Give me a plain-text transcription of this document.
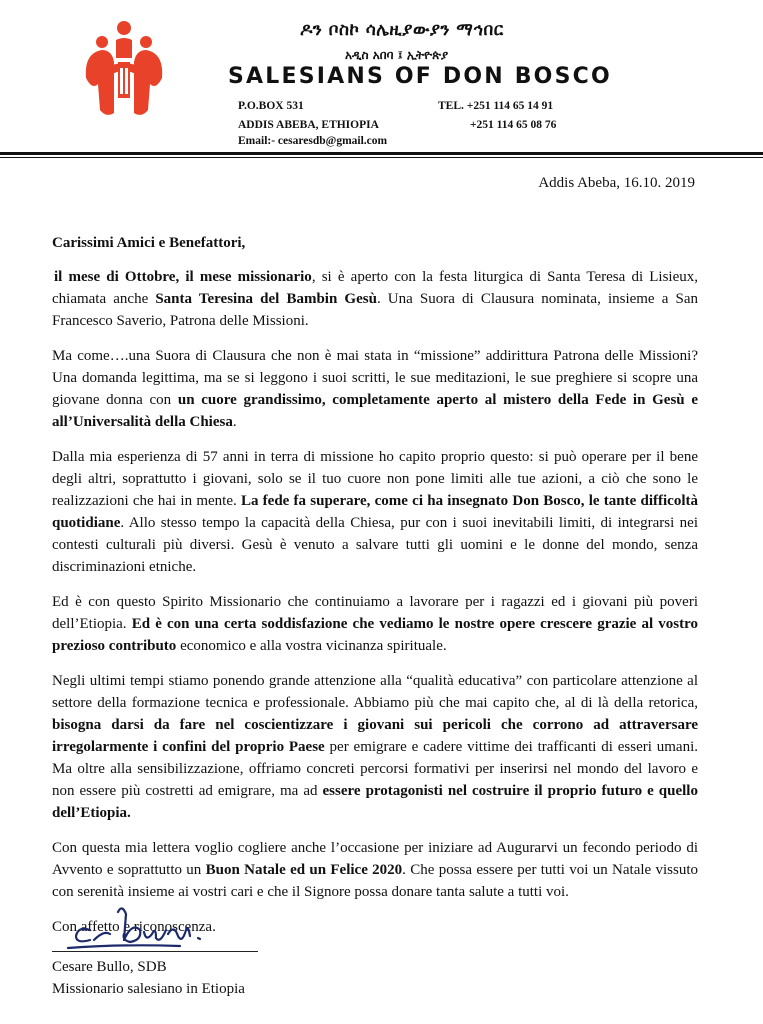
ዶን ቦስኮ ሳሌዚያውያን ማኅበር
አዲስ አበባ ፤ ኢትዮጵያ
SALESIANS OF DON BOSCO
P.O.BOX 531
ADDIS ABEBA, ETHIOPIA
Email:- cesaresdb@gmail.com
TEL. +251 114 65 14 91
+251 114 65 08 76
Addis Abeba, 16.10. 2019

Carissimi Amici e Benefattori,

il mese di Ottobre, il mese missionario, si è aperto con la festa liturgica di Santa Teresa di Lisieux, chiamata anche Santa Teresina del Bambin Gesù. Una Suora di Clausura nominata, insieme a San Francesco Saverio, Patrona delle Missioni.

Ma come….una Suora di Clausura che non è mai stata in “missione” addirittura Patrona delle Missioni? Una domanda legittima, ma se si leggono i suoi scritti, le sue meditazioni, le sue preghiere si scopre una giovane donna con un cuore grandissimo, completamente aperto al mistero della Fede in Gesù e all’Universalità della Chiesa.

Dalla mia esperienza di 57 anni in terra di missione ho capito proprio questo: si può operare per il bene degli altri, soprattutto i giovani, solo se il tuo cuore non pone limiti alle tue azioni, a ciò che sono le realizzazioni che hai in mente. La fede fa superare, come ci ha insegnato Don Bosco, le tante difficoltà quotidiane. Allo stesso tempo la capacità della Chiesa, pur con i suoi inevitabili limiti, di integrarsi nei contesti culturali più diversi. Gesù è venuto a salvare tutti gli uomini e le donne del mondo, senza discriminazioni etniche.

Ed è con questo Spirito Missionario che continuiamo a lavorare per i ragazzi ed i giovani più poveri dell’Etiopia. Ed è con una certa soddisfazione che vediamo le nostre opere crescere grazie al vostro prezioso contributo economico e alla vostra vicinanza spirituale.

Negli ultimi tempi stiamo ponendo grande attenzione alla “qualità educativa” con particolare attenzione al settore della formazione tecnica e professionale. Abbiamo più che mai capito che, al di là della retorica, bisogna darsi da fare nel coscientizzare i giovani sui pericoli che corrono ad attraversare irregolarmente i confini del proprio Paese per emigrare e cadere vittime dei trafficanti di esseri umani. Ma oltre alla sensibilizzazione, offriamo concreti percorsi formativi per inserirsi nel mondo del lavoro e non essere più costretti ad emigrare, ma ad essere protagonisti nel costruire il proprio futuro e quello dell’Etiopia.

Con questa mia lettera voglio cogliere anche l’occasione per iniziare ad Augurarvi un fecondo periodo di Avvento e soprattutto un Buon Natale ed un Felice 2020. Che possa essere per tutti voi un Natale vissuto con serenità insieme ai vostri cari e che il Signore possa donare tanta salute a tutti voi.

Con affetto e riconoscenza.

Cesare Bullo, SDB
Missionario salesiano in Etiopia
